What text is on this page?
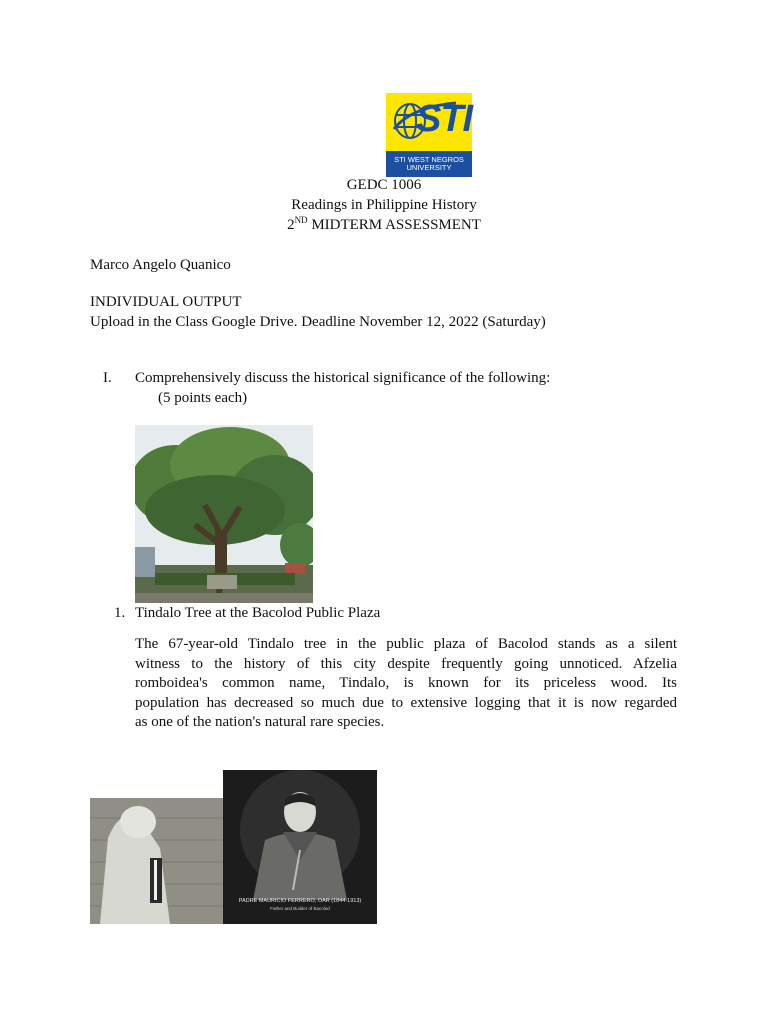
STI
STI WEST NEGROS
UNIVERSITY
GEDC 1006
Readings in Philippine History
2ND MIDTERM ASSESSMENT
Marco Angelo Quanico
INDIVIDUAL OUTPUT
Upload in the Class Google Drive. Deadline November 12, 2022 (Saturday)
I. Comprehensively discuss the historical significance of the following:
(5 points each)
1. Tindalo Tree at the Bacolod Public Plaza
The 67-year-old Tindalo tree in the public plaza of Bacolod stands as a silent
witness to the history of this city despite frequently going unnoticed. Afzelia
romboidea's common name, Tindalo, is known for its priceless wood. Its
population has decreased so much due to extensive logging that it is now regarded
as one of the nation's natural rare species.
PADRE MAURICIO FERRERO, OAR (1844-1913)
Father and Builder of Bacolod
